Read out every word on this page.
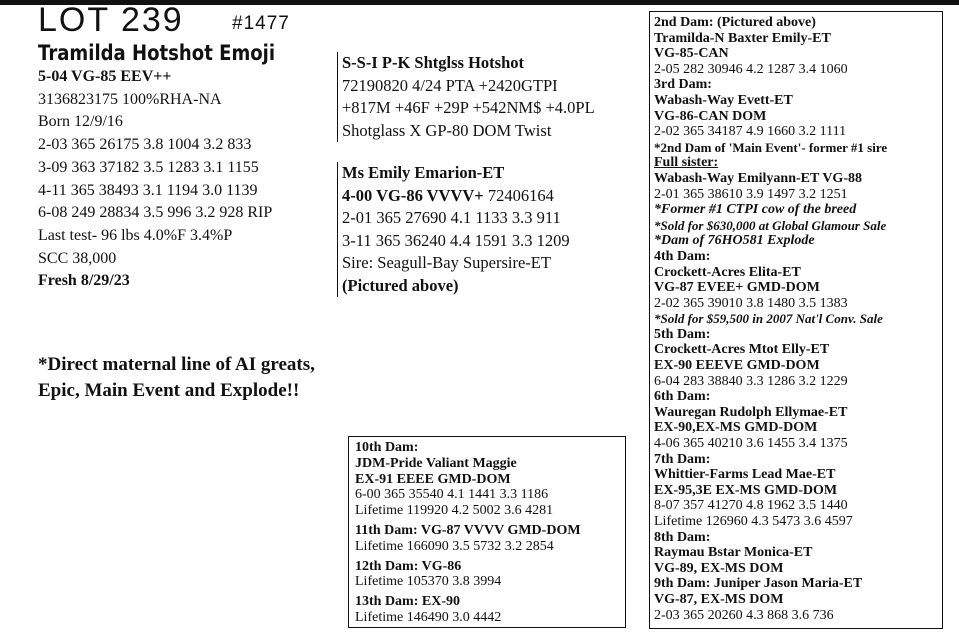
LOT 239	#1477
Tramilda Hotshot Emoji
5-04 VG-85 EEV++
3136823175 100%RHA-NA
Born 12/9/16
2-03 365 26175 3.8 1004 3.2 833
3-09 363 37182 3.5 1283 3.1 1155
4-11 365 38493 3.1 1194 3.0 1139
6-08 249 28834 3.5 996 3.2 928 RIP
Last test- 96 lbs 4.0%F 3.4%P
SCC 38,000
Fresh 8/29/23
*Direct maternal line of AI greats,
Epic, Main Event and Explode!!
S-S-I P-K Shtglss Hotshot
72190820 4/24 PTA +2420GTPI
+817M +46F +29P +542NM$ +4.0PL
Shotglass X GP-80 DOM Twist
Ms Emily Emarion-ET
4-00 VG-86 VVVV+ 72406164
2-01 365 27690 4.1 1133 3.3 911
3-11 365 36240 4.4 1591 3.3 1209
Sire: Seagull-Bay Supersire-ET
(Pictured above)
2nd Dam: (Pictured above)
Tramilda-N Baxter Emily-ET
VG-85-CAN
2-05 282 30946 4.2 1287 3.4 1060
3rd Dam:
Wabash-Way Evett-ET
VG-86-CAN DOM
2-02 365 34187 4.9 1660 3.2 1111
*2nd Dam of 'Main Event'- former #1 sire
Full sister:
Wabash-Way Emilyann-ET VG-88
2-01 365 38610 3.9 1497 3.2 1251
*Former #1 CTPI cow of the breed
*Sold for $630,000 at Global Glamour Sale
*Dam of 76HO581 Explode
4th Dam:
Crockett-Acres Elita-ET
VG-87 EVEE+ GMD-DOM
2-02 365 39010 3.8 1480 3.5 1383
*Sold for $59,500 in 2007 Nat'l Conv. Sale
5th Dam:
Crockett-Acres Mtot Elly-ET
EX-90 EEEVE GMD-DOM
6-04 283 38840 3.3 1286 3.2 1229
6th Dam:
Wauregan Rudolph Ellymae-ET
EX-90,EX-MS GMD-DOM
4-06 365 40210 3.6 1455 3.4 1375
7th Dam:
Whittier-Farms Lead Mae-ET
EX-95,3E EX-MS GMD-DOM
8-07 357 41270 4.8 1962 3.5 1440
Lifetime 126960 4.3 5473 3.6 4597
8th Dam:
Raymau Bstar Monica-ET
VG-89, EX-MS DOM
9th Dam: Juniper Jason Maria-ET
VG-87, EX-MS DOM
2-03 365 20260 4.3 868 3.6 736
10th Dam:
JDM-Pride Valiant Maggie
EX-91 EEEE GMD-DOM
6-00 365 35540 4.1 1441 3.3 1186
Lifetime 119920 4.2 5002 3.6 4281
11th Dam: VG-87 VVVV GMD-DOM
Lifetime 166090 3.5 5732 3.2 2854
12th Dam: VG-86
Lifetime 105370 3.8 3994
13th Dam: EX-90
Lifetime 146490 3.0 4442
